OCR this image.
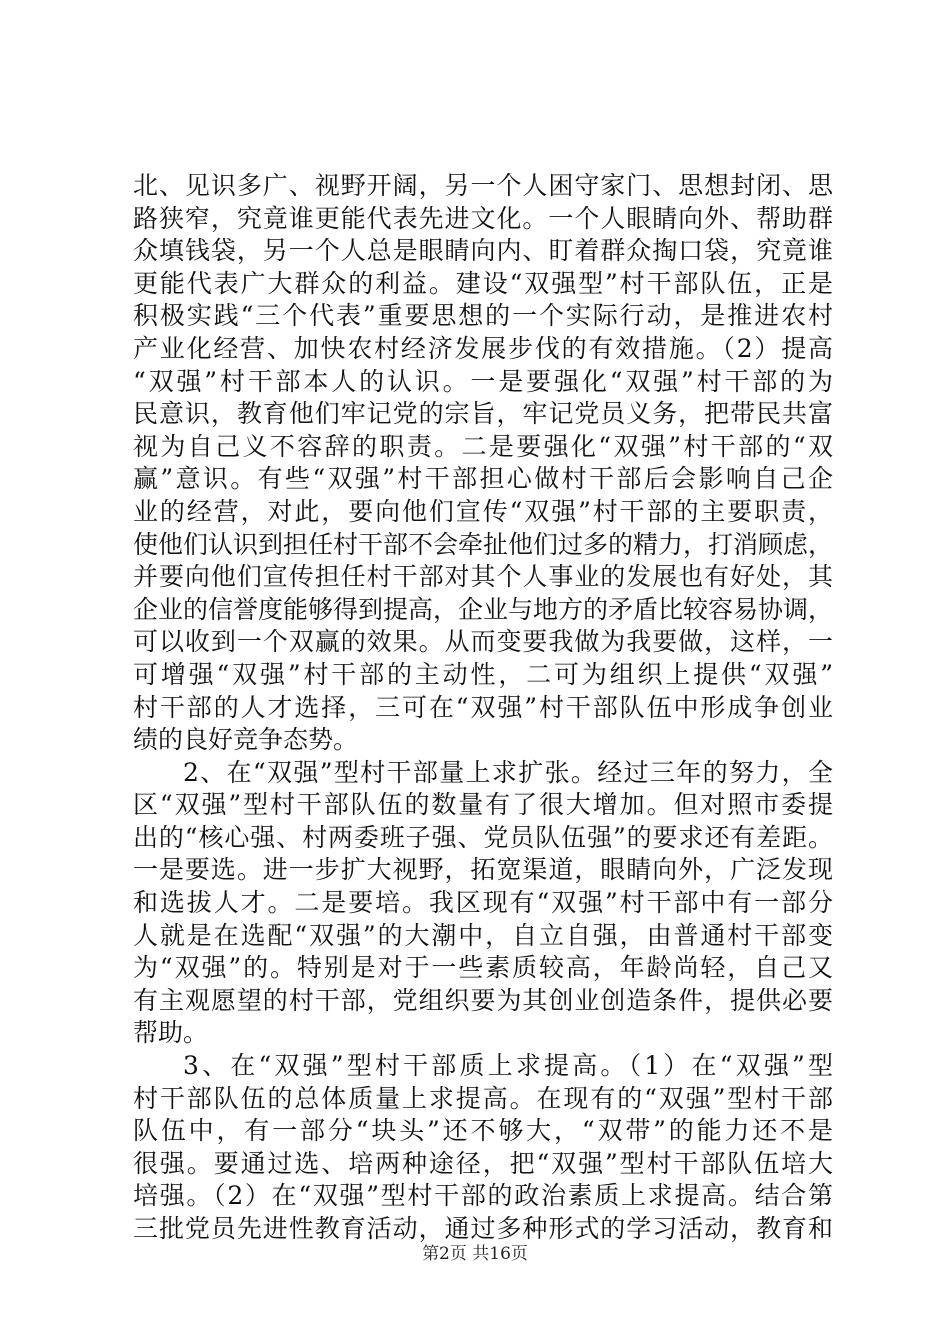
北、见识多广、视野开阔，另一个人困守家门、思想封闭、思
路狭窄，究竟谁更能代表先进文化。一个人眼睛向外、帮助群
众填钱袋，另一个人总是眼睛向内、盯着群众掏口袋，究竟谁
更能代表广大群众的利益。建设“双强型”村干部队伍，正是
积极实践“三个代表”重要思想的一个实际行动，是推进农村
产业化经营、加快农村经济发展步伐的有效措施。（2）提高
“双强”村干部本人的认识。一是要强化“双强”村干部的为
民意识，教育他们牢记党的宗旨，牢记党员义务，把带民共富
视为自己义不容辞的职责。二是要强化“双强”村干部的“双
赢”意识。有些“双强”村干部担心做村干部后会影响自己企
业的经营，对此，要向他们宣传“双强”村干部的主要职责，
使他们认识到担任村干部不会牵扯他们过多的精力，打消顾虑，
并要向他们宣传担任村干部对其个人事业的发展也有好处，其
企业的信誉度能够得到提高，企业与地方的矛盾比较容易协调，
可以收到一个双赢的效果。从而变要我做为我要做，这样，一
可增强“双强”村干部的主动性，二可为组织上提供“双强”
村干部的人才选择，三可在“双强”村干部队伍中形成争创业
绩的良好竞争态势。
2、在“双强”型村干部量上求扩张。经过三年的努力，全
区“双强”型村干部队伍的数量有了很大增加。但对照市委提
出的“核心强、村两委班子强、党员队伍强”的要求还有差距。
一是要选。进一步扩大视野，拓宽渠道，眼睛向外，广泛发现
和选拔人才。二是要培。我区现有“双强”村干部中有一部分
人就是在选配“双强”的大潮中，自立自强，由普通村干部变
为“双强”的。特别是对于一些素质较高，年龄尚轻，自己又
有主观愿望的村干部，党组织要为其创业创造条件，提供必要
帮助。
3、在“双强”型村干部质上求提高。（1）在“双强”型
村干部队伍的总体质量上求提高。在现有的“双强”型村干部
队伍中，有一部分“块头”还不够大，“双带”的能力还不是
很强。要通过选、培两种途径，把“双强”型村干部队伍培大
培强。（2）在“双强”型村干部的政治素质上求提高。结合第
三批党员先进性教育活动，通过多种形式的学习活动，教育和
第2页 共16页
